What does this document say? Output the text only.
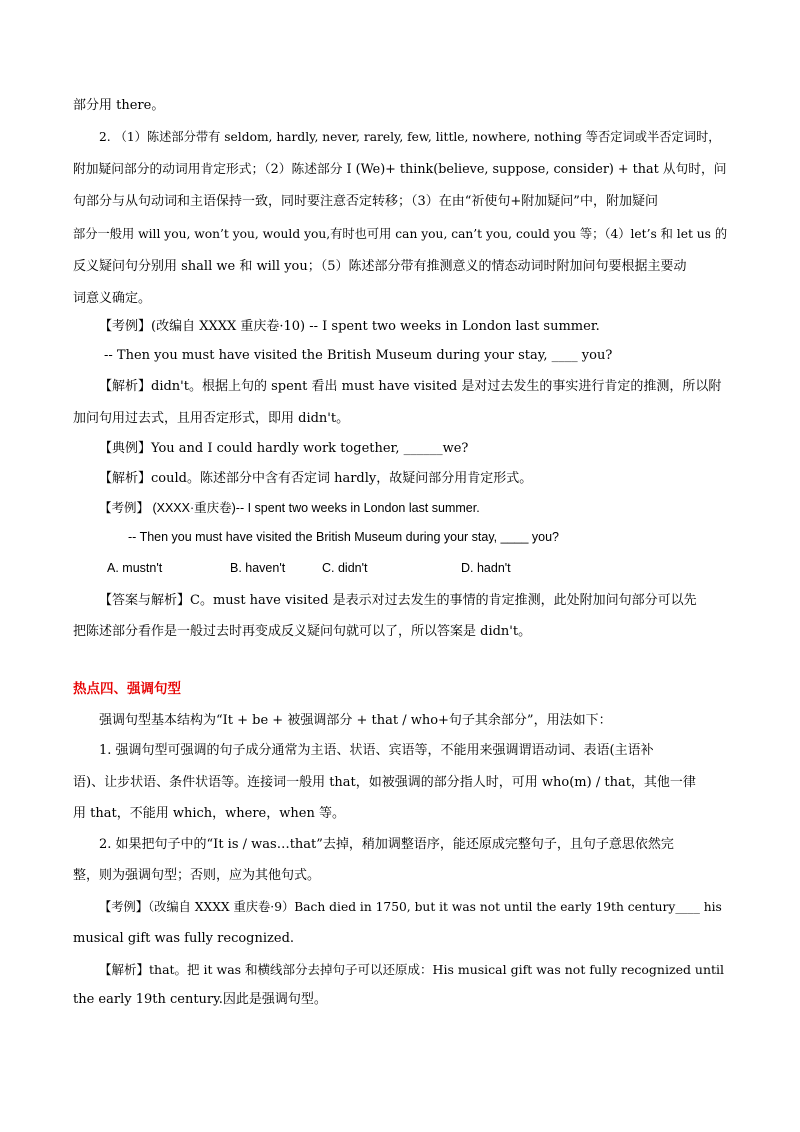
部分用 there。
2. （1）陈述部分带有 seldom, hardly, never, rarely, few, little, nowhere, nothing 等否定词或半否定词时，
附加疑问部分的动词用肯定形式；（2）陈述部分 I (We)+ think(believe, suppose, consider) + that 从句时，问
句部分与从句动词和主语保持一致，同时要注意否定转移；（3）在由“祈使句+附加疑问”中，附加疑问
部分一般用 will you, won’t you, would you,有时也可用 can you, can’t you, could you 等；（4）let’s 和 let us 的
反义疑问句分别用 shall we 和 will you；（5）陈述部分带有推测意义的情态动词时附加问句要根据主要动
词意义确定。
【考例】(改编自 XXXX 重庆卷·10) -- I spent two weeks in London last summer.
-- Then you must have visited the British Museum during your stay, ____ you?
【解析】didn't。根据上句的 spent 看出 must have visited 是对过去发生的事实进行肯定的推测，所以附
加问句用过去式，且用否定形式，即用 didn't。
【典例】You and I could hardly work together, ______we?
【解析】could。陈述部分中含有否定词 hardly，故疑问部分用肯定形式。
【考例】 (XXXX·重庆卷)-- I spent two weeks in London last summer.
-- Then you must have visited the British Museum during your stay, ____ you?
A. mustn't	B. haven't	C. didn't	D. hadn't
【答案与解析】C。must have visited 是表示对过去发生的事情的肯定推测，此处附加问句部分可以先
把陈述部分看作是一般过去时再变成反义疑问句就可以了，所以答案是 didn't。
热点四、强调句型
强调句型基本结构为“It + be + 被强调部分 + that / who+句子其余部分”，用法如下：
1. 强调句型可强调的句子成分通常为主语、状语、宾语等，不能用来强调谓语动词、表语(主语补
语)、让步状语、条件状语等。连接词一般用 that，如被强调的部分指人时，可用 who(m) / that，其他一律
用 that，不能用 which，where，when 等。
2. 如果把句子中的“It is / was…that”去掉，稍加调整语序，能还原成完整句子，且句子意思依然完
整，则为强调句型；否则，应为其他句式。
【考例】（改编自 XXXX 重庆卷·9）Bach died in 1750, but it was not until the early 19th century____ his
musical gift was fully recognized.
【解析】that。把 it was 和横线部分去掉句子可以还原成：His musical gift was not fully recognized until
the early 19th century.因此是强调句型。
